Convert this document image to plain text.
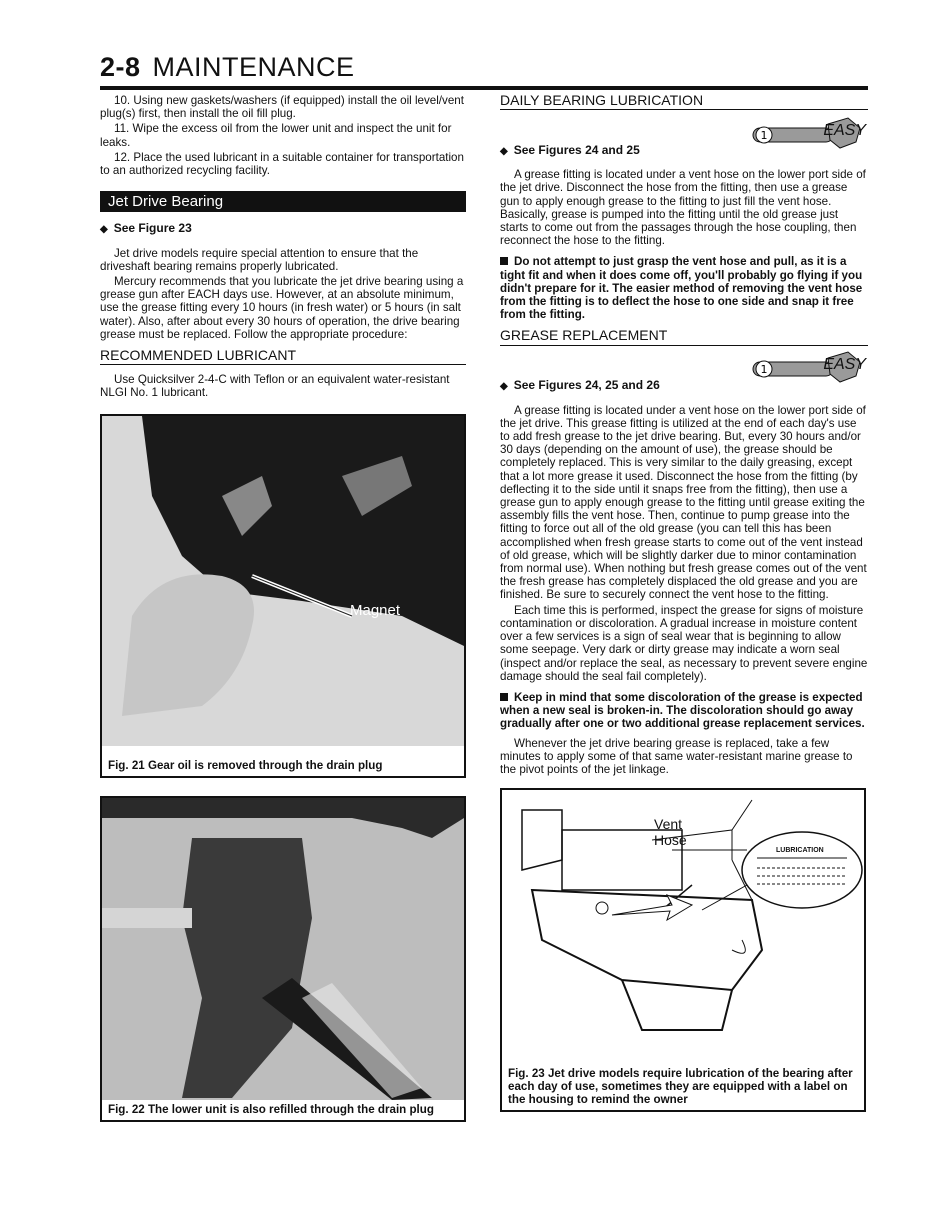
2-8 MAINTENANCE

10. Using new gaskets/washers (if equipped) install the oil level/vent plug(s) first, then install the oil fill plug.

11. Wipe the excess oil from the lower unit and inspect the unit for leaks.

12. Place the used lubricant in a suitable container for transportation to an authorized recycling facility.

Jet Drive Bearing
◆ See Figure 23

Jet drive models require special attention to ensure that the driveshaft bearing remains properly lubricated.

Mercury recommends that you lubricate the jet drive bearing using a grease gun after EACH days use. However, at an absolute minimum, use the grease fitting every 10 hours (in fresh water) or 5 hours (in salt water). Also, after about every 30 hours of operation, the drive bearing grease must be replaced. Follow the appropriate procedure:

RECOMMENDED LUBRICANT

Use Quicksilver 2-4-C with Teflon or an equivalent water-resistant NLGI No. 1 lubricant.

Magnet
Fig. 21 Gear oil is removed through the drain plug
Fig. 22 The lower unit is also refilled through the drain plug
DAILY BEARING LUBRICATION
1	EASY
◆ See Figures 24 and 25

A grease fitting is located under a vent hose on the lower port side of the jet drive. Disconnect the hose from the fitting, then use a grease gun to apply enough grease to the fitting to just fill the vent hose. Basically, grease is pumped into the fitting until the old grease just starts to come out from the passages through the hose coupling, then reconnect the hose to the fitting.

Do not attempt to just grasp the vent hose and pull, as it is a tight fit and when it does come off, you'll probably go flying if you didn't prepare for it. The easier method of removing the vent hose from the fitting is to deflect the hose to one side and snap it free from the fitting.
GREASE REPLACEMENT
1	EASY
◆ See Figures 24, 25 and 26

A grease fitting is located under a vent hose on the lower port side of the jet drive. This grease fitting is utilized at the end of each day's use to add fresh grease to the jet drive bearing. But, every 30 hours and/or 30 days (depending on the amount of use), the grease should be completely replaced. This is very similar to the daily greasing, except that a lot more grease it used. Disconnect the hose from the fitting (by deflecting it to the side until it snaps free from the fitting), then use a grease gun to apply enough grease to the fitting until grease exiting the assembly fills the vent hose. Then, continue to pump grease into the fitting to force out all of the old grease (you can tell this has been accomplished when fresh grease starts to come out of the vent instead of old grease, which will be slightly darker due to minor contamination from normal use). When nothing but fresh grease comes out of the vent the fresh grease has completely displaced the old grease and you are finished. Be sure to securely connect the vent hose to the fitting.

Each time this is performed, inspect the grease for signs of moisture contamination or discoloration. A gradual increase in moisture content over a few services is a sign of seal wear that is beginning to allow some seepage. Very dark or dirty grease may indicate a worn seal (inspect and/or replace the seal, as necessary to prevent severe engine damage should the seal fail completely).

Keep in mind that some discoloration of the grease is expected when a new seal is broken-in. The discoloration should go away gradually after one or two additional grease replacement services.

Whenever the jet drive bearing grease is replaced, take a few minutes to apply some of that same water-resistant marine grease to the pivot points of the jet linkage.

Vent
Hose
LUBRICATION
Fig. 23 Jet drive models require lubrication of the bearing after each day of use, sometimes they are equipped with a label on the housing to remind the owner
